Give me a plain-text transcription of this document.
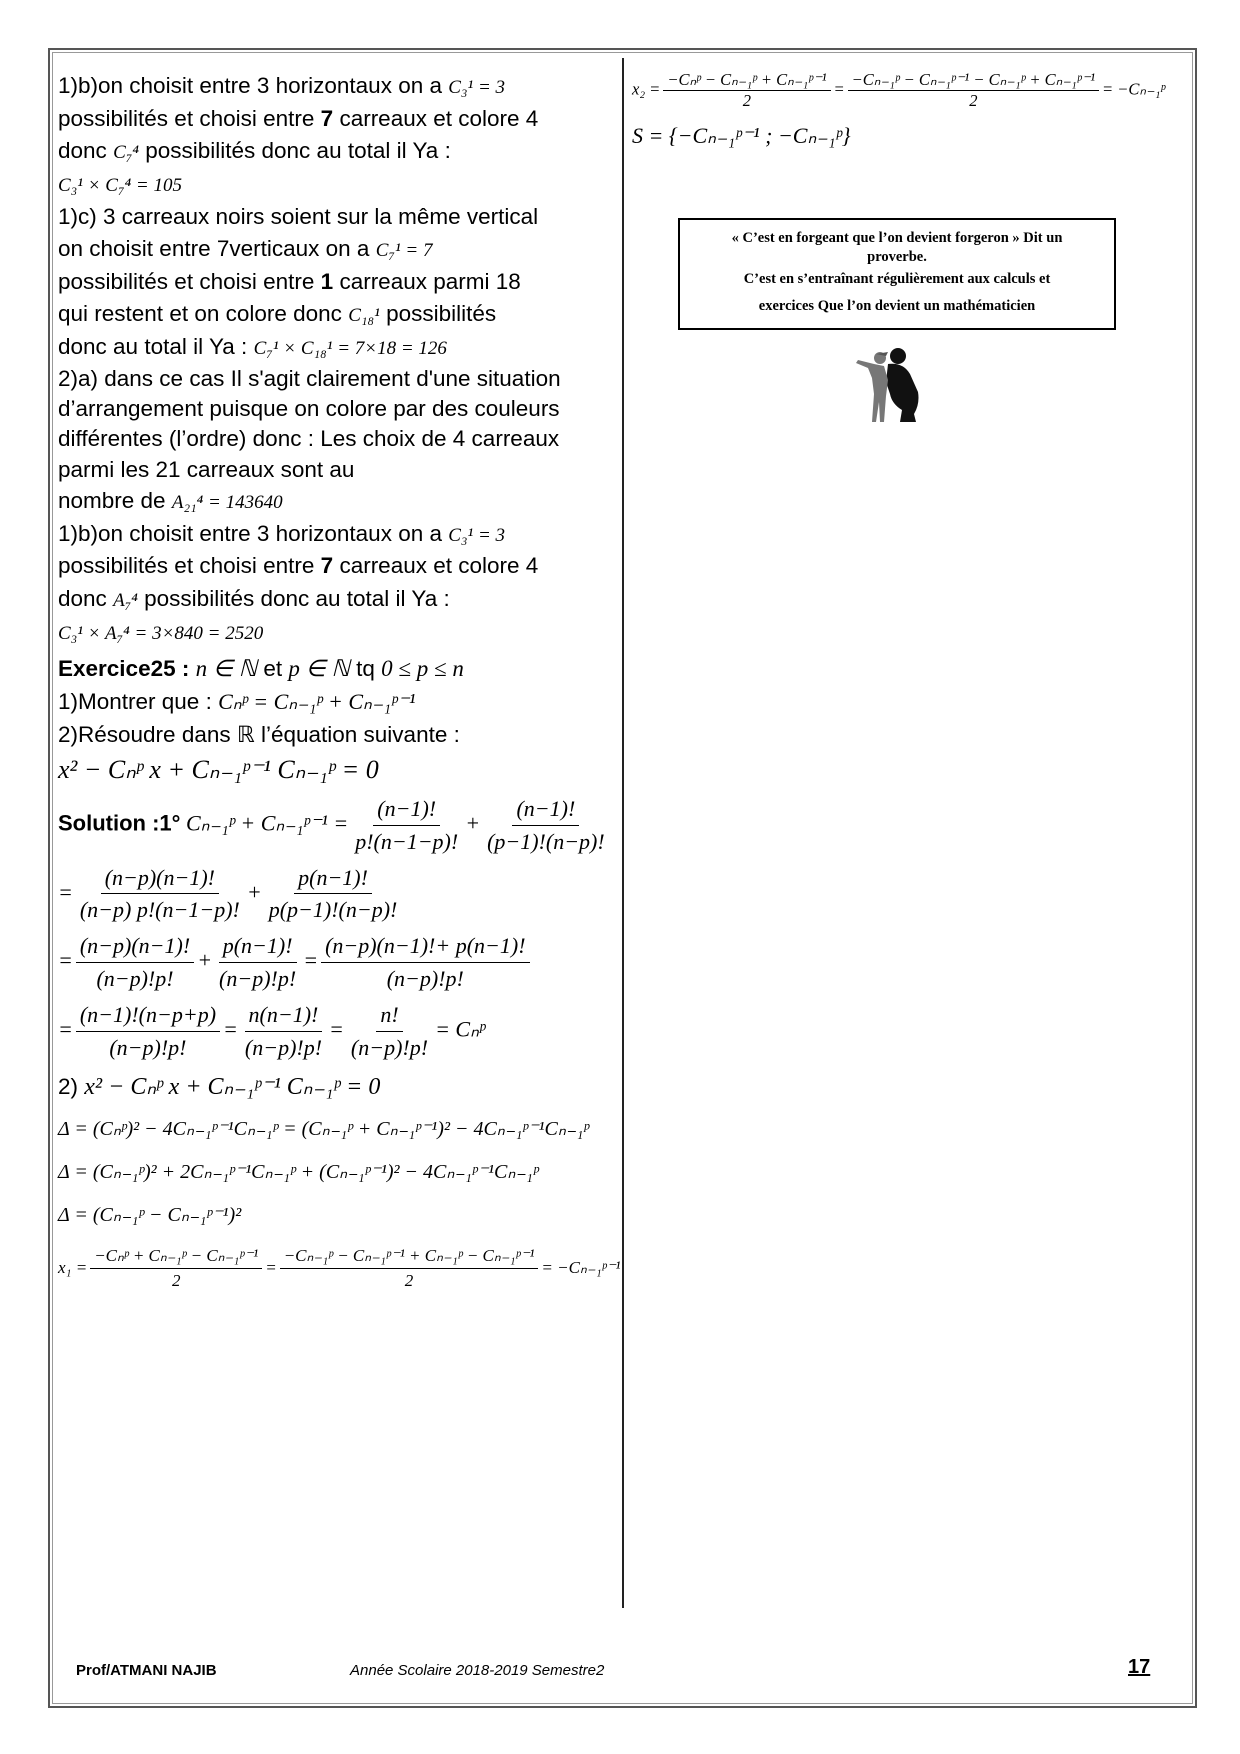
1)b)on choisit entre 3 horizontaux on a C₃¹ = 3

possibilités et choisi entre 7 carreaux et colore 4

donc C₇⁴ possibilités donc au total il Ya :

C₃¹ × C₇⁴ = 105

1)c) 3 carreaux noirs soient sur la même vertical

on choisit entre 7verticaux on a C₇¹ = 7

possibilités et choisi entre 1 carreaux parmi 18

qui restent et on colore donc C₁₈¹ possibilités

donc au total il Ya : C₇¹ × C₁₈¹ = 7×18 = 126

2)a) dans ce cas Il s'agit clairement d'une situation d’arrangement puisque on colore par des couleurs différentes (l’ordre) donc : Les choix de 4 carreaux parmi les 21 carreaux sont au

nombre de A₂₁⁴ = 143640

1)b)on choisit entre 3 horizontaux on a C₃¹ = 3

possibilités et choisi entre 7 carreaux et colore 4

donc A₇⁴ possibilités donc au total il Ya :

C₃¹ × A₇⁴ = 3×840 = 2520

Exercice25 : n ∈ ℕ et p ∈ ℕ tq 0 ≤ p ≤ n

1)Montrer que : Cₙᵖ = Cₙ₋₁ᵖ + Cₙ₋₁ᵖ⁻¹

2)Résoudre dans ℝ l’équation suivante :

x² − Cₙᵖ x + Cₙ₋₁ᵖ⁻¹ Cₙ₋₁ᵖ = 0

Solution :1° Cₙ₋₁ᵖ + Cₙ₋₁ᵖ⁻¹ = $\frac{(n-1)!}{p!(n-1-p)!} + \frac{(n-1)!}{(p-1)!(n-p)!}$

= $\frac{(n-p)(n-1)!}{(n-p) p!(n-1-p)!} + \frac{p(n-1)!}{p(p-1)!(n-p)!}$

= $\frac{(n-p)(n-1)!}{(n-p)!p!} + \frac{p(n-1)!}{(n-p)!p!} = \frac{(n-p)(n-1)!+ p(n-1)!}{(n-p)!p!}$

= $\frac{(n-1)!(n-p+p)}{(n-p)!p!} = \frac{n(n-1)!}{(n-p)!p!} = \frac{n!}{(n-p)!p!}$ = Cₙᵖ

2) x² − Cₙᵖ x + Cₙ₋₁ᵖ⁻¹ Cₙ₋₁ᵖ = 0

Δ = (Cₙᵖ)² − 4Cₙ₋₁ᵖ⁻¹Cₙ₋₁ᵖ = (Cₙ₋₁ᵖ + Cₙ₋₁ᵖ⁻¹)² − 4Cₙ₋₁ᵖ⁻¹Cₙ₋₁ᵖ

Δ = (Cₙ₋₁ᵖ)² + 2Cₙ₋₁ᵖ⁻¹Cₙ₋₁ᵖ + (Cₙ₋₁ᵖ⁻¹)² − 4Cₙ₋₁ᵖ⁻¹Cₙ₋₁ᵖ

Δ = (Cₙ₋₁ᵖ − Cₙ₋₁ᵖ⁻¹)²

$x_1 = \frac{\text{−Cₙᵖ + Cₙ₋₁ᵖ − Cₙ₋₁ᵖ⁻¹}}{2} = \frac{\text{−Cₙ₋₁ᵖ − Cₙ₋₁ᵖ⁻¹ + Cₙ₋₁ᵖ − Cₙ₋₁ᵖ⁻¹}}{2}$ = −Cₙ₋₁ᵖ⁻¹

$x_2 = \frac{\text{−Cₙᵖ − Cₙ₋₁ᵖ + Cₙ₋₁ᵖ⁻¹}}{2} = \frac{\text{−Cₙ₋₁ᵖ − Cₙ₋₁ᵖ⁻¹ − Cₙ₋₁ᵖ + Cₙ₋₁ᵖ⁻¹}}{2}$ = −Cₙ₋₁ᵖ

S = {−Cₙ₋₁ᵖ⁻¹ ; −Cₙ₋₁ᵖ}

« C’est en forgeant que l’on devient forgeron » Dit un
proverbe.
C’est en s’entraînant régulièrement aux calculs et
exercices Que l’on devient un mathématicien
Prof/ATMANI NAJIB	Année Scolaire 2018-2019 Semestre2	17
